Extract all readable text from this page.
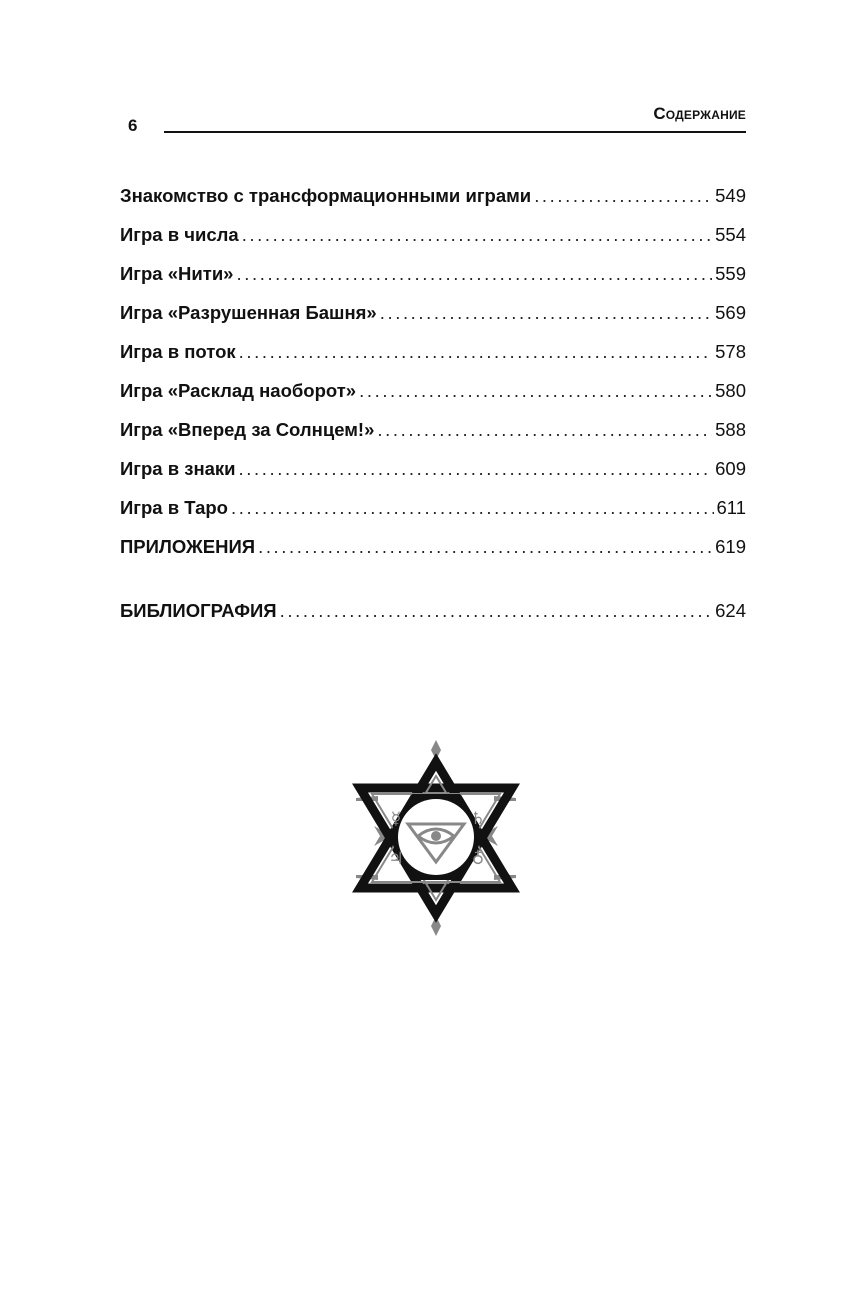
6
Содержание
Знакомство с трансформационными играми .....	549
Игра в числа .....	554
Игра «Нити» .....	559
Игра «Разрушенная Башня» .....	569
Игра в поток .....	578
Игра «Расклад наоборот» .....	580
Игра «Вперед за Солнцем!» .....	588
Игра в знаки .....	609
Игра в Таро .....	611
ПРИЛОЖЕНИЯ .....	619
БИБЛИОГРАФИЯ .....	624
☿	♄
♃	♁
